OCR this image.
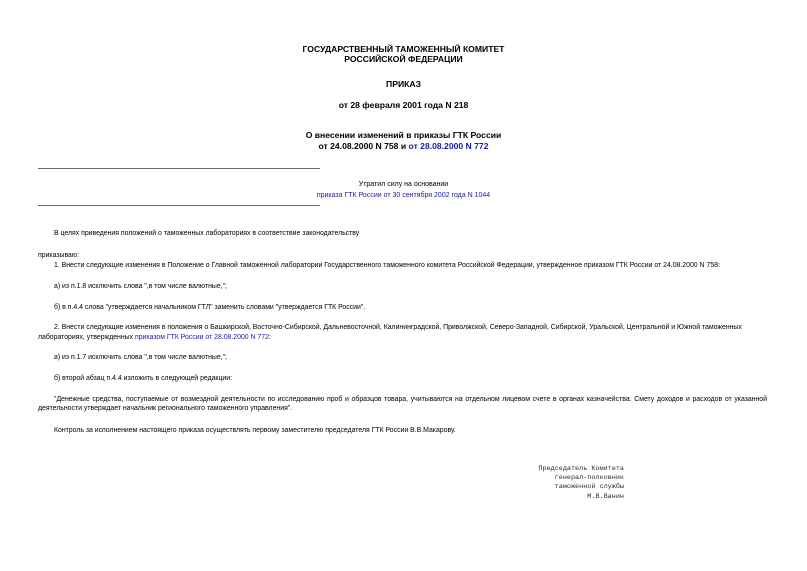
ГОСУДАРСТВЕННЫЙ ТАМОЖЕННЫЙ КОМИТЕТ
РОССИЙСКОЙ ФЕДЕРАЦИИ
ПРИКАЗ
от 28 февраля 2001 года N 218
О внесении изменений в приказы ГТК России
от 24.08.2000 N 758 и от 28.08.2000 N 772
Утратил силу на основании
приказа ГТК России от 30 сентября 2002 года N 1044
В целях приведения положений о таможенных лабораториях в соответствие законодательству
приказываю:
1. Внести следующие изменения в Положение о Главной таможенной лаборатории Государственного таможенного комитета Российской Федерации, утвержденное приказом ГТК России от 24.08.2000 N 758:
а) из п.1.8 исключить слова ",в том числе валютные,";
б) в п.4.4 слова "утверждается начальником ГТЛ" заменить словами "утверждается ГТК России".
2. Внести следующие изменения в положения о Башкирской, Восточно-Сибирской, Дальневосточной, Калининградской, Приволжской, Северо-Западной, Сибирской, Уральской, Центральной и Южной таможенных
лабораториях, утвержденных приказом ГТК России от 28.08.2000 N 772:
а) из п.1.7 исключить слова ",в том числе валютные,";
б) второй абзац п.4.4 изложить в следующей редакции:
"Денежные средства, поступаемые от возмездной деятельности по исследованию проб и образцов товара, учитываются на отдельном лицевом счете в органах казначейства. Смету доходов и расходов от указанной деятельности утверждает начальник регионального таможенного управления".
Контроль за исполнением настоящего приказа осуществлять первому заместителю председателя ГТК России В.В.Макарову.
Председатель Комитета
генерал-полковник
таможенной службы
М.В.Ванин
